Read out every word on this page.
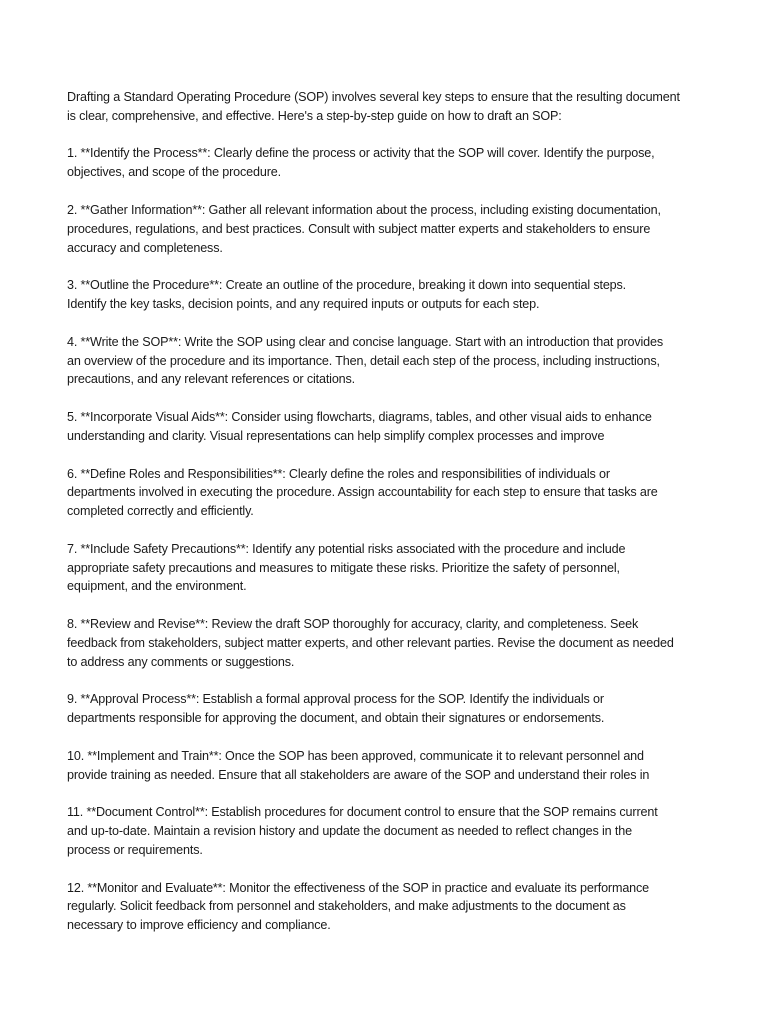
Drafting a Standard Operating Procedure (SOP) involves several key steps to ensure that the resulting document
is clear, comprehensive, and effective. Here's a step-by-step guide on how to draft an SOP:

1. **Identify the Process**: Clearly define the process or activity that the SOP will cover. Identify the purpose,
objectives, and scope of the procedure.

2. **Gather Information**: Gather all relevant information about the process, including existing documentation,
procedures, regulations, and best practices. Consult with subject matter experts and stakeholders to ensure
accuracy and completeness.

3. **Outline the Procedure**: Create an outline of the procedure, breaking it down into sequential steps.
Identify the key tasks, decision points, and any required inputs or outputs for each step.

4. **Write the SOP**: Write the SOP using clear and concise language. Start with an introduction that provides
an overview of the procedure and its importance. Then, detail each step of the process, including instructions,
precautions, and any relevant references or citations.

5. **Incorporate Visual Aids**: Consider using flowcharts, diagrams, tables, and other visual aids to enhance
understanding and clarity. Visual representations can help simplify complex processes and improve

6. **Define Roles and Responsibilities**: Clearly define the roles and responsibilities of individuals or
departments involved in executing the procedure. Assign accountability for each step to ensure that tasks are
completed correctly and efficiently.

7. **Include Safety Precautions**: Identify any potential risks associated with the procedure and include
appropriate safety precautions and measures to mitigate these risks. Prioritize the safety of personnel,
equipment, and the environment.

8. **Review and Revise**: Review the draft SOP thoroughly for accuracy, clarity, and completeness. Seek
feedback from stakeholders, subject matter experts, and other relevant parties. Revise the document as needed
to address any comments or suggestions.

9. **Approval Process**: Establish a formal approval process for the SOP. Identify the individuals or
departments responsible for approving the document, and obtain their signatures or endorsements.

10. **Implement and Train**: Once the SOP has been approved, communicate it to relevant personnel and
provide training as needed. Ensure that all stakeholders are aware of the SOP and understand their roles in

11. **Document Control**: Establish procedures for document control to ensure that the SOP remains current
and up-to-date. Maintain a revision history and update the document as needed to reflect changes in the
process or requirements.

12. **Monitor and Evaluate**: Monitor the effectiveness of the SOP in practice and evaluate its performance
regularly. Solicit feedback from personnel and stakeholders, and make adjustments to the document as
necessary to improve efficiency and compliance.
